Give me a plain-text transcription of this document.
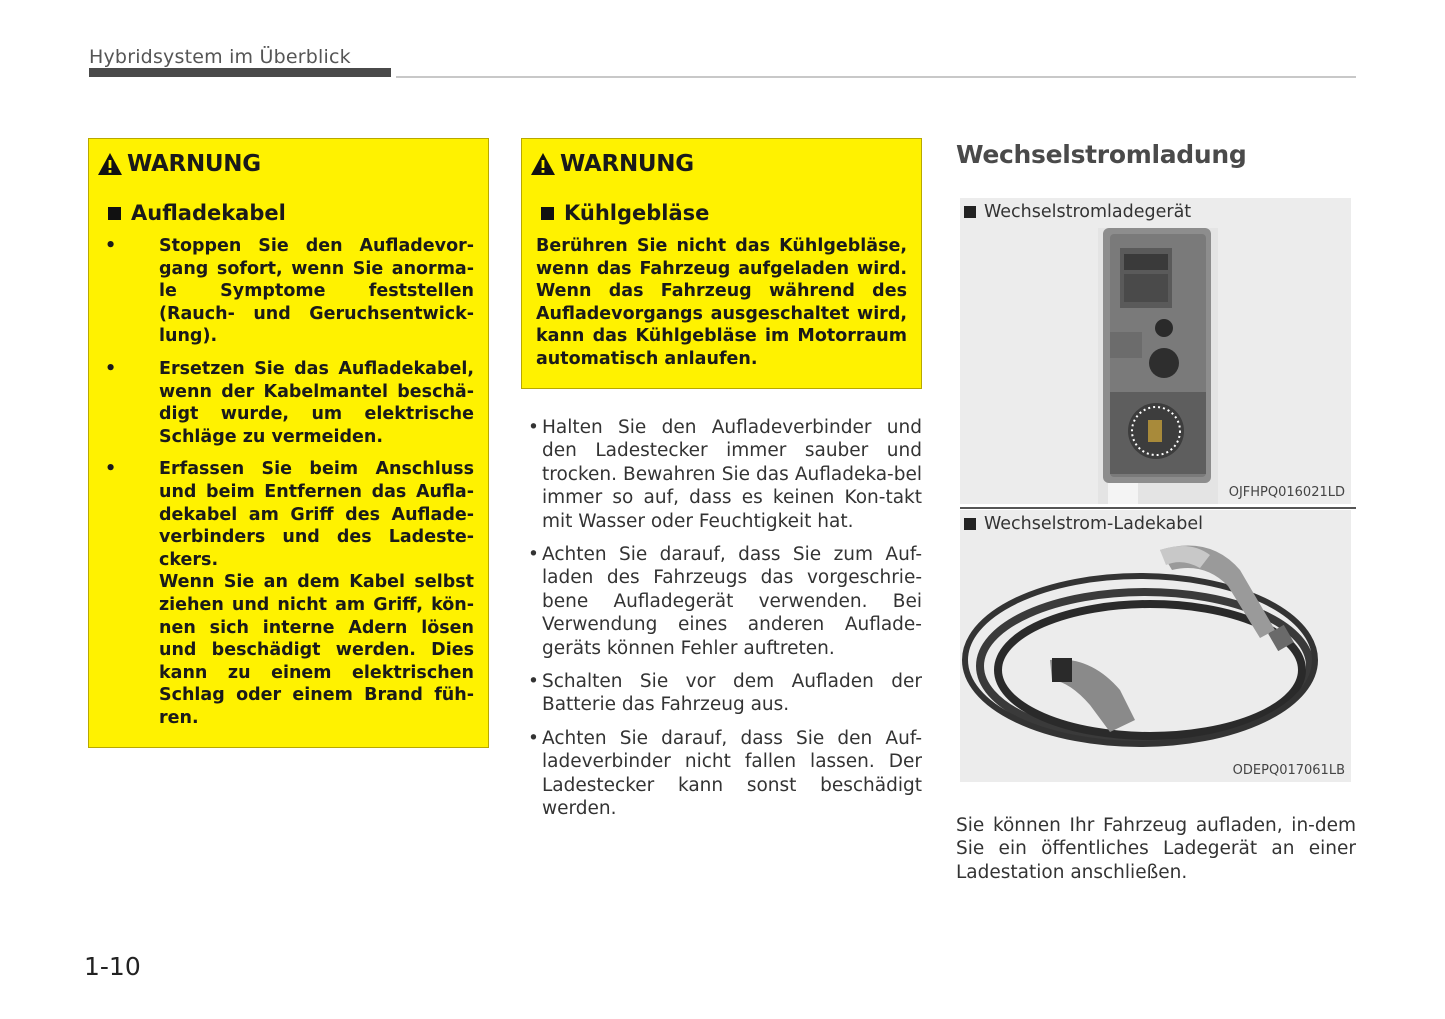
Hybridsystem im Überblick
WARNUNG
Aufladekabel
• Stoppen Sie den Aufladevor-gang sofort, wenn Sie anorma-le Symptome feststellen (Rauch- und Geruchsentwick-lung).

• Ersetzen Sie das Aufladekabel, wenn der Kabelmantel beschä-digt wurde, um elektrische Schläge zu vermeiden.

• Erfassen Sie beim Anschluss und beim Entfernen das Aufla-dekabel am Griff des Auflade-verbinders und des Ladeste-ckers.

Wenn Sie an dem Kabel selbst ziehen und nicht am Griff, kön-nen sich interne Adern lösen und beschädigt werden. Dies kann zu einem elektrischen Schlag oder einem Brand füh-ren.

WARNUNG
Kühlgebläse

Berühren Sie nicht das Kühlgebläse, wenn das Fahrzeug aufgeladen wird. Wenn das Fahrzeug während des Aufladevorgangs ausgeschaltet wird, kann das Kühlgebläse im Motorraum automatisch anlaufen.

• Halten Sie den Aufladeverbinder und den Ladestecker immer sauber und trocken. Bewahren Sie das Aufladeka-bel immer so auf, dass es keinen Kon-takt mit Wasser oder Feuchtigkeit hat.
• Achten Sie darauf, dass Sie zum Auf-laden des Fahrzeugs das vorgeschrie-bene Aufladegerät verwenden. Bei Verwendung eines anderen Auflade-geräts können Fehler auftreten.
• Schalten Sie vor dem Aufladen der Batterie das Fahrzeug aus.
• Achten Sie darauf, dass Sie den Auf-ladeverbinder nicht fallen lassen. Der Ladestecker kann sonst beschädigt werden.
Wechselstromladung
Wechselstromladegerät
OJFHPQ016021LD
Wechselstrom-Ladekabel
ODEPQ017061LB

Sie können Ihr Fahrzeug aufladen, in-dem Sie ein öffentliches Ladegerät an einer Ladestation anschließen.

1-10
